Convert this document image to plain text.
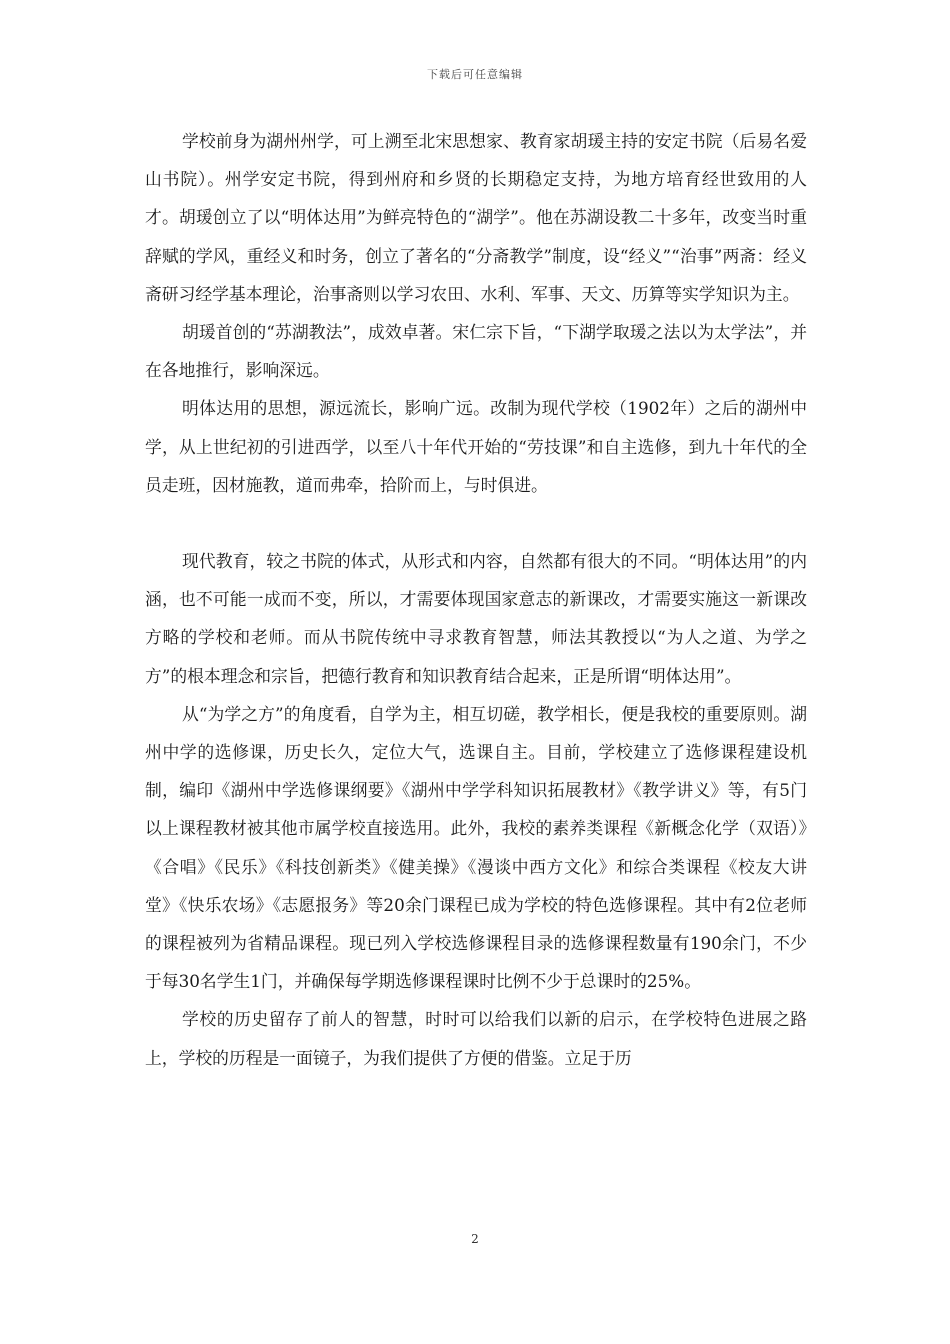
下载后可任意编辑

学校前身为湖州州学，可上溯至北宋思想家、教育家胡瑗主持的安定书院（后易名爱山书院）。州学安定书院，得到州府和乡贤的长期稳定支持，为地方培育经世致用的人才。胡瑗创立了以“明体达用”为鲜亮特色的“湖学”。他在苏湖设教二十多年，改变当时重辞赋的学风，重经义和时务，创立了著名的“分斋教学”制度，设“经义”“治事”两斋：经义斋研习经学基本理论，治事斋则以学习农田、水利、军事、天文、历算等实学知识为主。

胡瑗首创的“苏湖教法”，成效卓著。宋仁宗下旨，“下湖学取瑗之法以为太学法”，并在各地推行，影响深远。

明体达用的思想，源远流长，影响广远。改制为现代学校（1902年）之后的湖州中学，从上世纪初的引进西学，以至八十年代开始的“劳技课”和自主选修，到九十年代的全员走班，因材施教，道而弗牵，拾阶而上，与时俱进。

现代教育，较之书院的体式，从形式和内容，自然都有很大的不同。“明体达用”的内涵，也不可能一成而不变，所以，才需要体现国家意志的新课改，才需要实施这一新课改方略的学校和老师。而从书院传统中寻求教育智慧，师法其教授以“为人之道、为学之方”的根本理念和宗旨，把德行教育和知识教育结合起来，正是所谓“明体达用”。

从“为学之方”的角度看，自学为主，相互切磋，教学相长，便是我校的重要原则。湖州中学的选修课，历史长久，定位大气，选课自主。目前，学校建立了选修课程建设机制，编印《湖州中学选修课纲要》《湖州中学学科知识拓展教材》《教学讲义》等，有5门以上课程教材被其他市属学校直接选用。此外，我校的素养类课程《新概念化学（双语）》《合唱》《民乐》《科技创新类》《健美操》《漫谈中西方文化》和综合类课程《校友大讲堂》《快乐农场》《志愿报务》等20余门课程已成为学校的特色选修课程。其中有2位老师的课程被列为省精品课程。现已列入学校选修课程目录的选修课程数量有190余门，不少于每30名学生1门，并确保每学期选修课程课时比例不少于总课时的25%。

学校的历史留存了前人的智慧，时时可以给我们以新的启示，在学校特色进展之路上，学校的历程是一面镜子，为我们提供了方便的借鉴。立足于历

2
